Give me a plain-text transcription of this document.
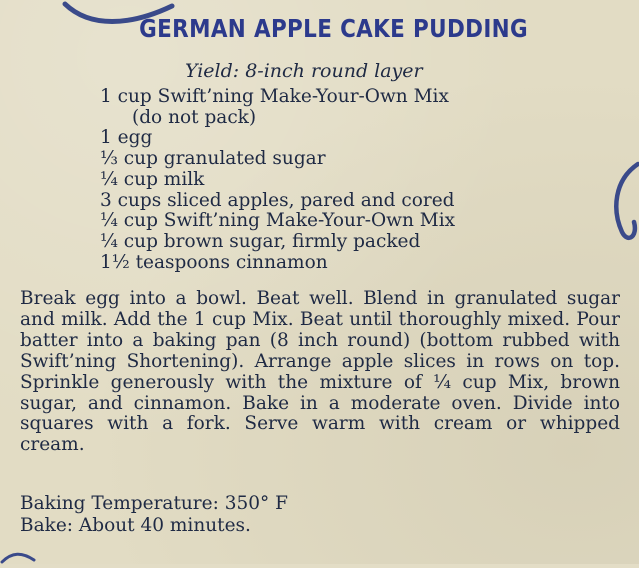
GERMAN APPLE CAKE PUDDING
Yield: 8-inch round layer
1 cup Swift’ning Make-Your-Own Mix
(do not pack)
1 egg
⅓ cup granulated sugar
¼ cup milk
3 cups sliced apples, pared and cored
¼ cup Swift’ning Make-Your-Own Mix
¼ cup brown sugar, firmly packed
1½ teaspoons cinnamon

Break egg into a bowl. Beat well. Blend in granulated sugar and milk. Add the 1 cup Mix. Beat until thoroughly mixed. Pour batter into a baking pan (8 inch round) (bottom rubbed with Swift’ning Shortening). Arrange apple slices in rows on top. Sprinkle generously with the mixture of ¼ cup Mix, brown sugar, and cinnamon. Bake in a moderate oven. Divide into squares with a fork. Serve warm with cream or whipped cream.

Baking Temperature: 350° F
Bake: About 40 minutes.
